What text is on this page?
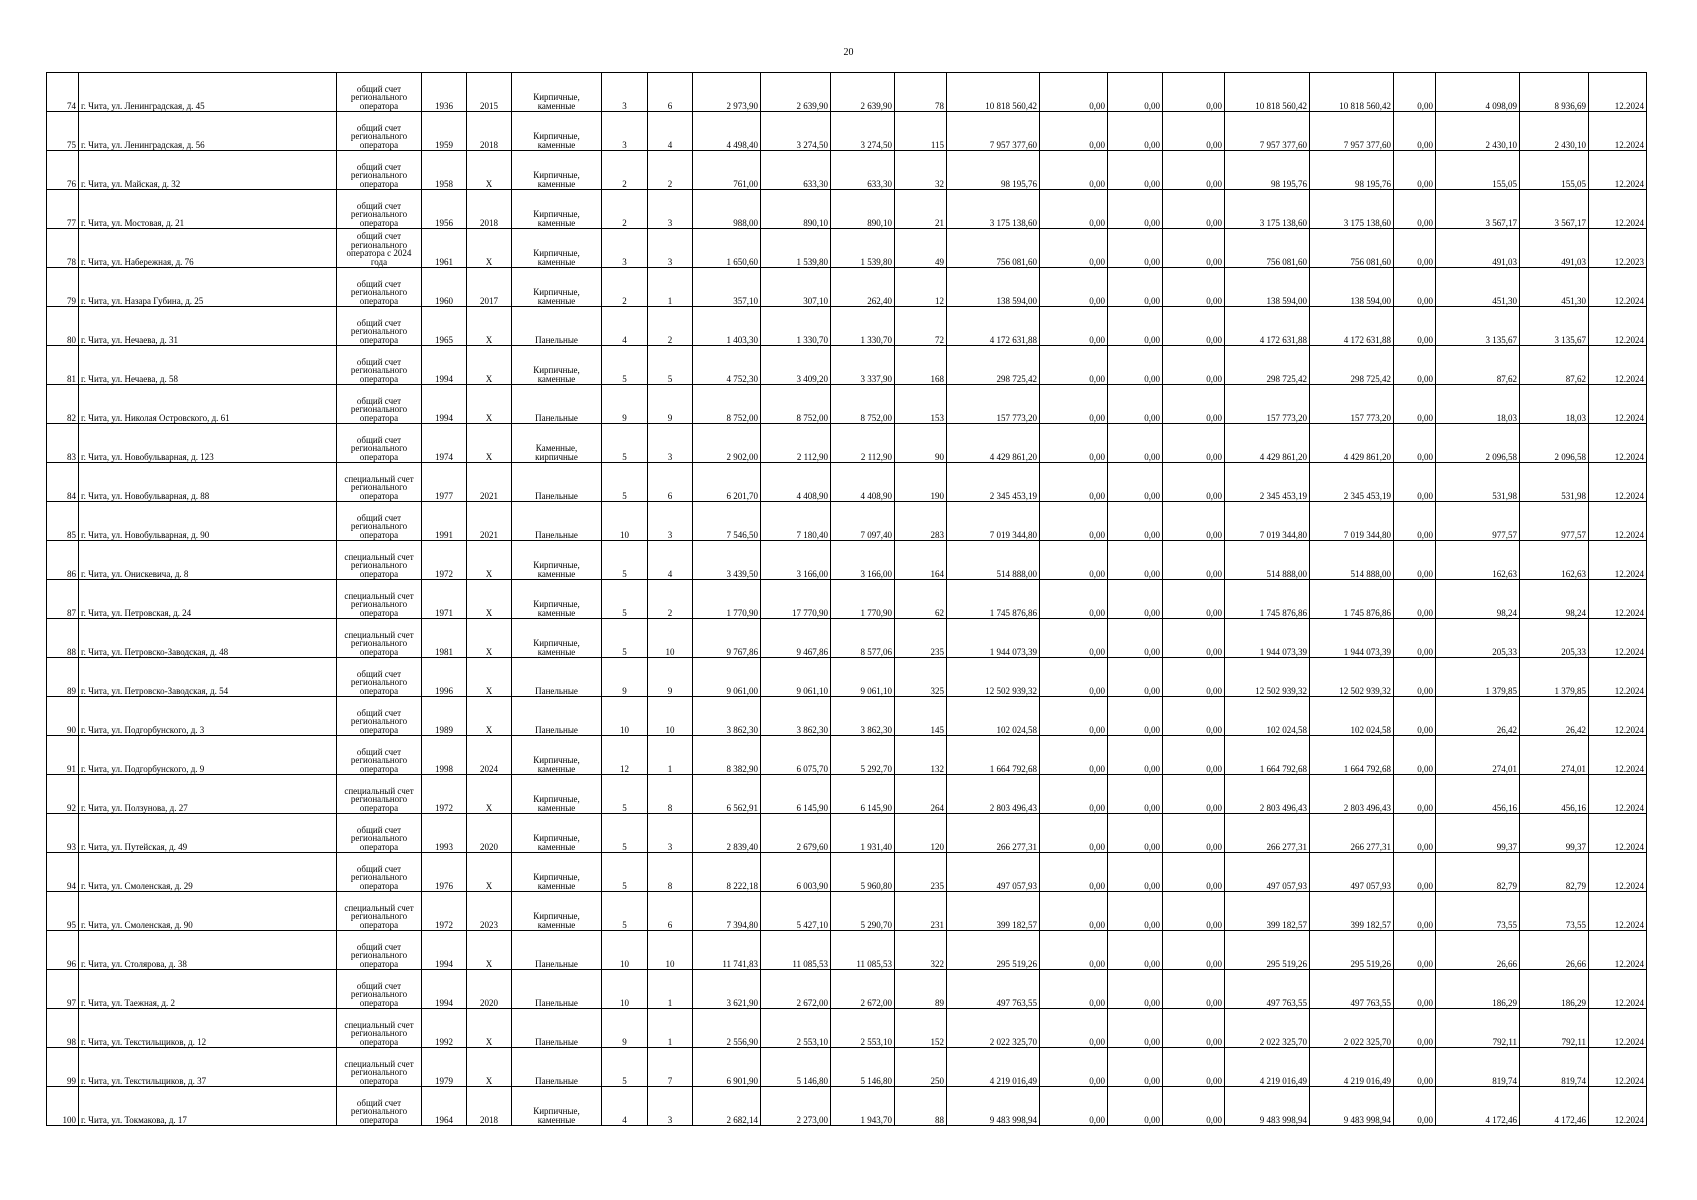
20
74	г. Чита, ул. Ленинградская, д. 45	общий счет регионального оператора	1936	2015	Кирпичные, каменные	3	6	2 973,90	2 639,90	2 639,90	78	10 818 560,42	0,00	0,00	0,00	10 818 560,42	10 818 560,42	0,00	4 098,09	8 936,69	12.2024
75	г. Чита, ул. Ленинградская, д. 56	общий счет регионального оператора	1959	2018	Кирпичные, каменные	3	4	4 498,40	3 274,50	3 274,50	115	7 957 377,60	0,00	0,00	0,00	7 957 377,60	7 957 377,60	0,00	2 430,10	2 430,10	12.2024
76	г. Чита, ул. Майская, д. 32	общий счет регионального оператора	1958	Х	Кирпичные, каменные	2	2	761,00	633,30	633,30	32	98 195,76	0,00	0,00	0,00	98 195,76	98 195,76	0,00	155,05	155,05	12.2024
77	г. Чита, ул. Мостовая, д. 21	общий счет регионального оператора	1956	2018	Кирпичные, каменные	2	3	988,00	890,10	890,10	21	3 175 138,60	0,00	0,00	0,00	3 175 138,60	3 175 138,60	0,00	3 567,17	3 567,17	12.2024
78	г. Чита, ул. Набережная, д. 76	общий счет регионального оператора с 2024 года	1961	Х	Кирпичные, каменные	3	3	1 650,60	1 539,80	1 539,80	49	756 081,60	0,00	0,00	0,00	756 081,60	756 081,60	0,00	491,03	491,03	12.2023
79	г. Чита, ул. Назара Губина, д. 25	общий счет регионального оператора	1960	2017	Кирпичные, каменные	2	1	357,10	307,10	262,40	12	138 594,00	0,00	0,00	0,00	138 594,00	138 594,00	0,00	451,30	451,30	12.2024
80	г. Чита, ул. Нечаева, д. 31	общий счет регионального оператора	1965	Х	Панельные	4	2	1 403,30	1 330,70	1 330,70	72	4 172 631,88	0,00	0,00	0,00	4 172 631,88	4 172 631,88	0,00	3 135,67	3 135,67	12.2024
81	г. Чита, ул. Нечаева, д. 58	общий счет регионального оператора	1994	Х	Кирпичные, каменные	5	5	4 752,30	3 409,20	3 337,90	168	298 725,42	0,00	0,00	0,00	298 725,42	298 725,42	0,00	87,62	87,62	12.2024
82	г. Чита, ул. Николая Островского, д. 61	общий счет регионального оператора	1994	Х	Панельные	9	9	8 752,00	8 752,00	8 752,00	153	157 773,20	0,00	0,00	0,00	157 773,20	157 773,20	0,00	18,03	18,03	12.2024
83	г. Чита, ул. Новобульварная, д. 123	общий счет регионального оператора	1974	Х	Каменные, кирпичные	5	3	2 902,00	2 112,90	2 112,90	90	4 429 861,20	0,00	0,00	0,00	4 429 861,20	4 429 861,20	0,00	2 096,58	2 096,58	12.2024
84	г. Чита, ул. Новобульварная, д. 88	специальный счет регионального оператора	1977	2021	Панельные	5	6	6 201,70	4 408,90	4 408,90	190	2 345 453,19	0,00	0,00	0,00	2 345 453,19	2 345 453,19	0,00	531,98	531,98	12.2024
85	г. Чита, ул. Новобульварная, д. 90	общий счет регионального оператора	1991	2021	Панельные	10	3	7 546,50	7 180,40	7 097,40	283	7 019 344,80	0,00	0,00	0,00	7 019 344,80	7 019 344,80	0,00	977,57	977,57	12.2024
86	г. Чита, ул. Онискевича, д. 8	специальный счет регионального оператора	1972	Х	Кирпичные, каменные	5	4	3 439,50	3 166,00	3 166,00	164	514 888,00	0,00	0,00	0,00	514 888,00	514 888,00	0,00	162,63	162,63	12.2024
87	г. Чита, ул. Петровская, д. 24	специальный счет регионального оператора	1971	Х	Кирпичные, каменные	5	2	1 770,90	17 770,90	1 770,90	62	1 745 876,86	0,00	0,00	0,00	1 745 876,86	1 745 876,86	0,00	98,24	98,24	12.2024
88	г. Чита, ул. Петровско-Заводская, д. 48	специальный счет регионального оператора	1981	Х	Кирпичные, каменные	5	10	9 767,86	9 467,86	8 577,06	235	1 944 073,39	0,00	0,00	0,00	1 944 073,39	1 944 073,39	0,00	205,33	205,33	12.2024
89	г. Чита, ул. Петровско-Заводская, д. 54	общий счет регионального оператора	1996	Х	Панельные	9	9	9 061,00	9 061,10	9 061,10	325	12 502 939,32	0,00	0,00	0,00	12 502 939,32	12 502 939,32	0,00	1 379,85	1 379,85	12.2024
90	г. Чита, ул. Подгорбунского, д. 3	общий счет регионального оператора	1989	Х	Панельные	10	10	3 862,30	3 862,30	3 862,30	145	102 024,58	0,00	0,00	0,00	102 024,58	102 024,58	0,00	26,42	26,42	12.2024
91	г. Чита, ул. Подгорбунского, д. 9	общий счет регионального оператора	1998	2024	Кирпичные, каменные	12	1	8 382,90	6 075,70	5 292,70	132	1 664 792,68	0,00	0,00	0,00	1 664 792,68	1 664 792,68	0,00	274,01	274,01	12.2024
92	г. Чита, ул. Ползунова, д. 27	специальный счет регионального оператора	1972	Х	Кирпичные, каменные	5	8	6 562,91	6 145,90	6 145,90	264	2 803 496,43	0,00	0,00	0,00	2 803 496,43	2 803 496,43	0,00	456,16	456,16	12.2024
93	г. Чита, ул. Путейская, д. 49	общий счет регионального оператора	1993	2020	Кирпичные, каменные	5	3	2 839,40	2 679,60	1 931,40	120	266 277,31	0,00	0,00	0,00	266 277,31	266 277,31	0,00	99,37	99,37	12.2024
94	г. Чита, ул. Смоленская, д. 29	общий счет регионального оператора	1976	Х	Кирпичные, каменные	5	8	8 222,18	6 003,90	5 960,80	235	497 057,93	0,00	0,00	0,00	497 057,93	497 057,93	0,00	82,79	82,79	12.2024
95	г. Чита, ул. Смоленская, д. 90	специальный счет регионального оператора	1972	2023	Кирпичные, каменные	5	6	7 394,80	5 427,10	5 290,70	231	399 182,57	0,00	0,00	0,00	399 182,57	399 182,57	0,00	73,55	73,55	12.2024
96	г. Чита, ул. Столярова, д. 38	общий счет регионального оператора	1994	Х	Панельные	10	10	11 741,83	11 085,53	11 085,53	322	295 519,26	0,00	0,00	0,00	295 519,26	295 519,26	0,00	26,66	26,66	12.2024
97	г. Чита, ул. Таежная, д. 2	общий счет регионального оператора	1994	2020	Панельные	10	1	3 621,90	2 672,00	2 672,00	89	497 763,55	0,00	0,00	0,00	497 763,55	497 763,55	0,00	186,29	186,29	12.2024
98	г. Чита, ул. Текстильщиков, д. 12	специальный счет регионального оператора	1992	Х	Панельные	9	1	2 556,90	2 553,10	2 553,10	152	2 022 325,70	0,00	0,00	0,00	2 022 325,70	2 022 325,70	0,00	792,11	792,11	12.2024
99	г. Чита, ул. Текстильщиков, д. 37	специальный счет регионального оператора	1979	Х	Панельные	5	7	6 901,90	5 146,80	5 146,80	250	4 219 016,49	0,00	0,00	0,00	4 219 016,49	4 219 016,49	0,00	819,74	819,74	12.2024
100	г. Чита, ул. Токмакова, д. 17	общий счет регионального оператора	1964	2018	Кирпичные, каменные	4	3	2 682,14	2 273,00	1 943,70	88	9 483 998,94	0,00	0,00	0,00	9 483 998,94	9 483 998,94	0,00	4 172,46	4 172,46	12.2024
